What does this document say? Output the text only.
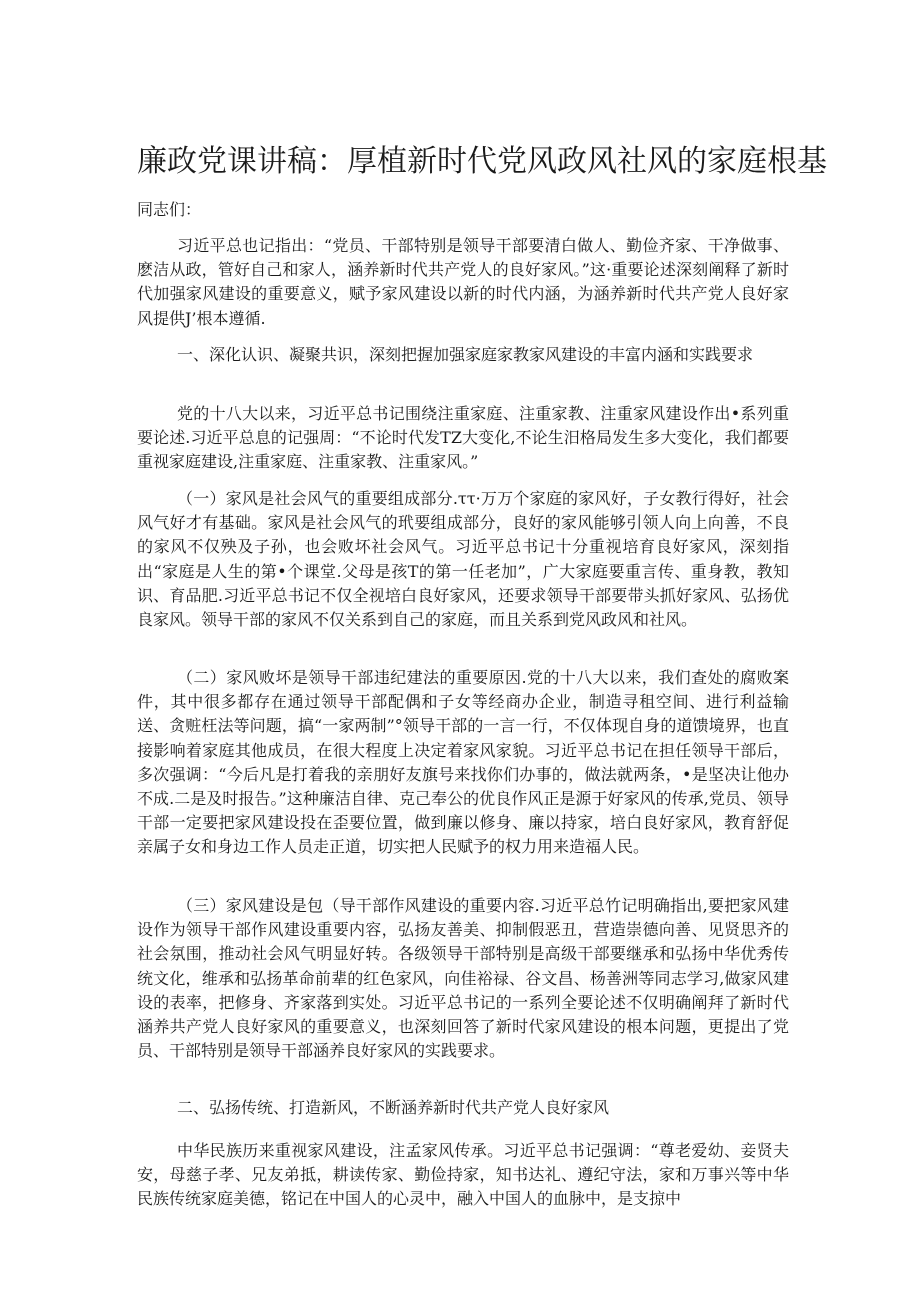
廉政党课讲稿：厚植新时代党风政风社风的家庭根基
同志们：

习近平总也记指出：“党员、干部特别是领导干部要清白做人、勤俭齐家、干净做事、麽洁从政，管好自己和家人，涵养新时代共产党人的良好家风。”这·重要论述深刻阐释了新时代加强家风建设的重要意义，赋予家风建设以新的时代内涵，为涵养新时代共产党人良好家风提供J’根本遵循.

一、深化认识、凝聚共识，深刻把握加强家庭家教家风建设的丰富内涵和实践要求

党的十八大以来，习近平总书记围绕注重家庭、注重家教、注重家风建设作出•系列重要论述.习近平总息的记强周：“不论时代发TZ大变化,不论生汨格局发生多大变化，我们都要重视家庭建设,注重家庭、注重家教、注重家风。”

（一）家风是社会风气的重要组成部分.ττ·万万个家庭的家风好，子女教行得好，社会风气好才有基础。家风是社会风气的玳要组成部分，良好的家风能够引领人向上向善，不良的家风不仅殃及子孙，也会败坏社会风气。习近平总书记十分重视培育良好家风，深刻指出“家庭是人生的第•个课堂.父母是孩T的第一任老加”，广大家庭要重言传、重身教，教知识、育品肥.习近平总书记不仅全视培白良好家风，还要求领导干部要带头抓好家风、弘扬优良家风。领导干部的家风不仅关系到自己的家庭，而且关系到党风政风和社风。

（二）家风败坏是领导干部违纪建法的重要原因.党的十八大以来，我们查处的腐败案件，其中很多都存在通过领导干部配偶和子女等经商办企业，制造寻租空间、进行利益输送、贪赃枉法等问题，搞“一家两制”°领导干部的一言一行，不仅体现自身的道馈境界，也直接影响着家庭其他成员，在很大程度上决定着家风家貌。习近平总书记在担任领导干部后，多次强调：“今后凡是打着我的亲朋好友旗号来找你们办事的，做法就两条，•是坚决让他办不成.二是及时报告。”这种廉洁自律、克己奉公的优良作风正是源于好家风的传承,党员、领导干部一定要把家风建设投在歪要位置，做到廉以修身、廉以持家，培白良好家风，教育舒促亲属子女和身边工作人员走正道，切实把人民赋予的权力用来造福人民。

（三）家风建设是包（导干部作风建设的重要内容.习近平总竹记明确指出,要把家风建设作为领导干部作风建设重要内容，弘扬友善美、抑制假恶丑，营造崇德向善、见贤思齐的社会氛围，推动社会风气明显好转。各级领导干部特别是高级干部要继承和弘扬中华优秀传统文化，维承和弘扬革命前辈的红色家风，向佳裕禄、谷文昌、杨善洲等同志学习,做家风建设的表率，把修身、齐家落到实处。习近平总书记的一系列全要论述不仅明确阐拜了新时代涵养共产党人良好家风的重要意义，也深刻回答了新时代家风建设的根本问题，更提出了党员、干部特别是领导干部涵养良好家风的实践要求。

二、弘扬传统、打造新风，不断涵养新时代共产党人良好家风

中华民族历来重视家风建设，注孟家风传承。习近平总书记强调：“尊老爱幼、妾贤夫安，母慈子孝、兄友弟抵，耕读传家、勤俭持家，知书达礼、遵纪守法，家和万事兴等中华民族传统家庭美德，铭记在中国人的心灵中，融入中国人的血脉中，是支掠中
